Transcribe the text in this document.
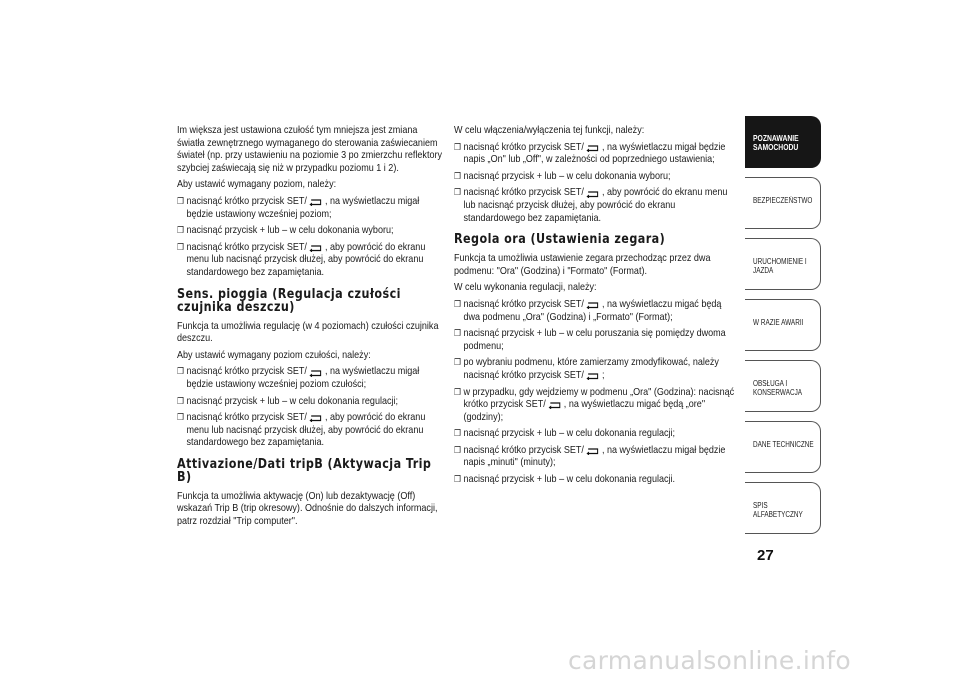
Im większa jest ustawiona czułość tym mniejsza jest zmiana światła zewnętrznego wymaganego do sterowania zaświecaniem świateł (np. przy ustawieniu na poziomie 3 po zmierzchu reflektory szybciej zaświecają się niż w przypadku poziomu 1 i 2).

Aby ustawić wymagany poziom, należy:

❒ nacisnąć krótko przycisk SET/ , na wyświetlaczu migał będzie ustawiony wcześniej poziom;
❒ nacisnąć przycisk + lub – w celu dokonania wyboru;
❒ nacisnąć krótko przycisk SET/ , aby powrócić do ekranu menu lub nacisnąć przycisk dłużej, aby powrócić do ekranu standardowego bez zapamiętania.
Sens. pioggia (Regulacja czułości czujnika deszczu)

Funkcja ta umożliwia regulację (w 4 poziomach) czułości czujnika deszczu.

Aby ustawić wymagany poziom czułości, należy:

❒ nacisnąć krótko przycisk SET/ , na wyświetlaczu migał będzie ustawiony wcześniej poziom czułości;
❒ nacisnąć przycisk + lub – w celu dokonania regulacji;
❒ nacisnąć krótko przycisk SET/ , aby powrócić do ekranu menu lub nacisnąć przycisk dłużej, aby powrócić do ekranu standardowego bez zapamiętania.
Attivazione/Dati tripB (Aktywacja Trip B)

Funkcja ta umożliwia aktywację (On) lub dezaktywację (Off) wskazań Trip B (trip okresowy). Odnośnie do dalszych informacji, patrz rozdział "Trip computer".

W celu włączenia/wyłączenia tej funkcji, należy:

❒ nacisnąć krótko przycisk SET/ , na wyświetlaczu migał będzie napis „On" lub „Off", w zależności od poprzedniego ustawienia;
❒ nacisnąć przycisk + lub – w celu dokonania wyboru;
❒ nacisnąć krótko przycisk SET/ , aby powrócić do ekranu menu lub nacisnąć przycisk dłużej, aby powrócić do ekranu standardowego bez zapamiętania.
Regola ora (Ustawienia zegara)

Funkcja ta umożliwia ustawienie zegara przechodząc przez dwa podmenu: "Ora" (Godzina) i "Formato" (Format).

W celu wykonania regulacji, należy:

❒ nacisnąć krótko przycisk SET/ , na wyświetlaczu migać będą dwa podmenu „Ora" (Godzina) i „Formato" (Format);
❒ nacisnąć przycisk + lub – w celu poruszania się pomiędzy dwoma podmenu;
❒ po wybraniu podmenu, które zamierzamy zmodyfikować, należy nacisnąć krótko przycisk SET/ ;
❒ w przypadku, gdy wejdziemy w podmenu „Ora" (Godzina): nacisnąć krótko przycisk SET/ , na wyświetlaczu migać będą „ore" (godziny);
❒ nacisnąć przycisk + lub – w celu dokonania regulacji;
❒ nacisnąć krótko przycisk SET/ , na wyświetlaczu migał będzie napis „minuti" (minuty);
❒ nacisnąć przycisk + lub – w celu dokonania regulacji.
POZNAWANIE SAMOCHODU
BEZPIECZEŃSTWO
URUCHOMIENIE I JAZDA
W RAZIE AWARII
OBSŁUGA I KONSERWACJA
DANE TECHNICZNE
SPIS ALFABETYCZNY
27
carmanualsonline.info
